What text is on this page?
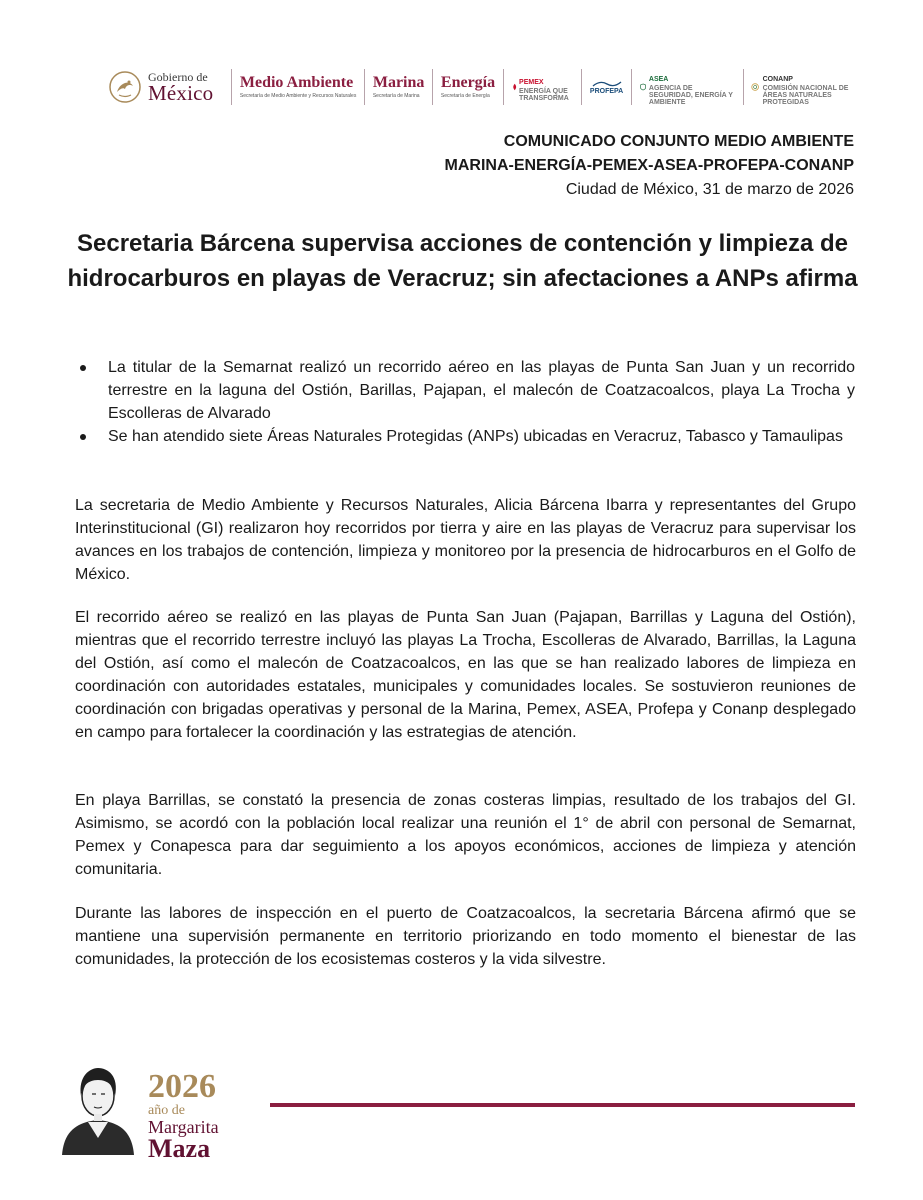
Gobierno de
México Medio Ambiente
Secretaría de Medio Ambiente y Recursos Naturales
Marina
Secretaría de Marina
Energía
Secretaría de Energía
PEMEX
ENERGÍA QUE TRANSFORMA
PROFEPA
ASEA
AGENCIA DE SEGURIDAD, ENERGÍA Y AMBIENTE
CONANP
COMISIÓN NACIONAL DE ÁREAS NATURALES PROTEGIDAS
COMUNICADO CONJUNTO MEDIO AMBIENTE
MARINA-ENERGÍA-PEMEX-ASEA-PROFEPA-CONANP
Ciudad de México, 31 de marzo de 2026
Secretaria Bárcena supervisa acciones de contención y limpieza de hidrocarburos en playas de Veracruz; sin afectaciones a ANPs afirma
La titular de la Semarnat realizó un recorrido aéreo en las playas de Punta San Juan y un recorrido terrestre en la laguna del Ostión, Barillas, Pajapan, el malecón de Coatzacoalcos, playa La Trocha y Escolleras de Alvarado
Se han atendido siete Áreas Naturales Protegidas (ANPs) ubicadas en Veracruz, Tabasco y Tamaulipas

La secretaria de Medio Ambiente y Recursos Naturales, Alicia Bárcena Ibarra y representantes del Grupo Interinstitucional (GI) realizaron hoy recorridos por tierra y aire en las playas de Veracruz para supervisar los avances en los trabajos de contención, limpieza y monitoreo por la presencia de hidrocarburos en el Golfo de México.

El recorrido aéreo se realizó en las playas de Punta San Juan (Pajapan, Barrillas y Laguna del Ostión), mientras que el recorrido terrestre incluyó las playas La Trocha, Escolleras de Alvarado, Barrillas, la Laguna del Ostión, así como el malecón de Coatzacoalcos, en las que se han realizado labores de limpieza en coordinación con autoridades estatales, municipales y comunidades locales. Se sostuvieron reuniones de coordinación con brigadas operativas y personal de la Marina, Pemex, ASEA, Profepa y Conanp desplegado en campo para fortalecer la coordinación y las estrategias de atención.

En playa Barrillas, se constató la presencia de zonas costeras limpias, resultado de los trabajos del GI. Asimismo, se acordó con la población local realizar una reunión el 1° de abril con personal de Semarnat, Pemex y Conapesca para dar seguimiento a los apoyos económicos, acciones de limpieza y atención comunitaria.

Durante las labores de inspección en el puerto de Coatzacoalcos, la secretaria Bárcena afirmó que se mantiene una supervisión permanente en territorio priorizando en todo momento el bienestar de las comunidades, la protección de los ecosistemas costeros y la vida silvestre.

2026
año de
Margarita
Maza
